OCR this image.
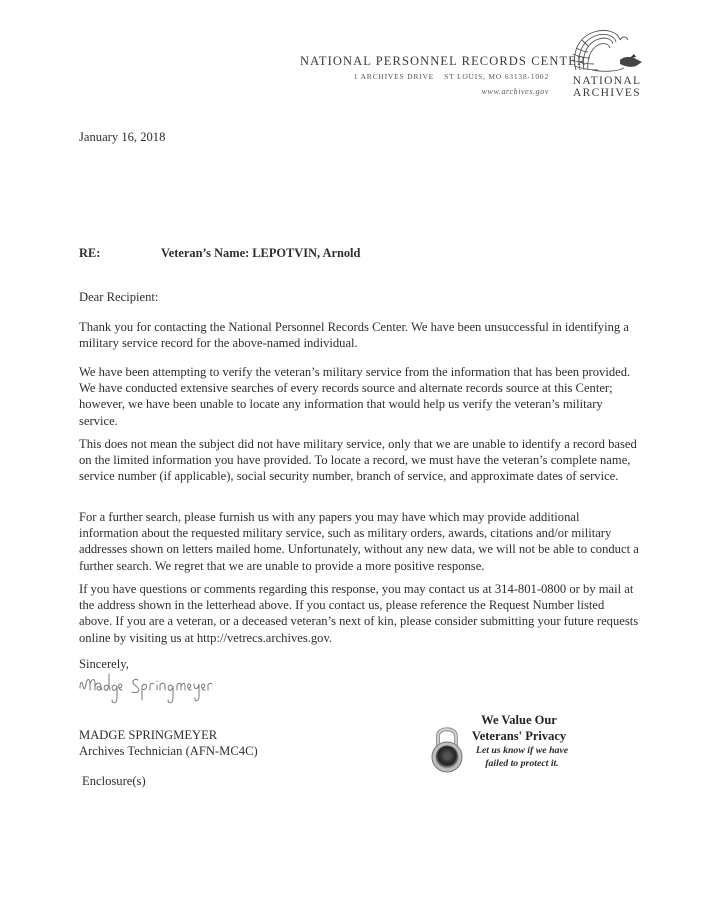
NATIONAL PERSONNEL RECORDS CENTER
1 ARCHIVES DRIVE ST LOUIS, MO 63138-1002
www.archives.gov
NATIONAL
ARCHIVES
January 16, 2018
RE:	Veteran’s Name: LEPOTVIN, Arnold
Dear Recipient:
Thank you for contacting the National Personnel Records Center. We have been unsuccessful in identifying a military service record for the above-named individual.
We have been attempting to verify the veteran’s military service from the information that has been provided. We have conducted extensive searches of every records source and alternate records source at this Center; however, we have been unable to locate any information that would help us verify the veteran’s military service.
This does not mean the subject did not have military service, only that we are unable to identify a record based on the limited information you have provided. To locate a record, we must have the veteran’s complete name, service number (if applicable), social security number, branch of service, and approximate dates of service.
For a further search, please furnish us with any papers you may have which may provide additional information about the requested military service, such as military orders, awards, citations and/or military addresses shown on letters mailed home. Unfortunately, without any new data, we will not be able to conduct a further search. We regret that we are unable to provide a more positive response.
If you have questions or comments regarding this response, you may contact us at 314-801-0800 or by mail at the address shown in the letterhead above. If you contact us, please reference the Request Number listed above. If you are a veteran, or a deceased veteran’s next of kin, please consider submitting your future requests online by visiting us at http://vetrecs.archives.gov.
Sincerely,
MADGE SPRINGMEYER
Archives Technician (AFN-MC4C)
Enclosure(s)
We Value Our
Veterans' Privacy
Let us know if we have
failed to protect it.
